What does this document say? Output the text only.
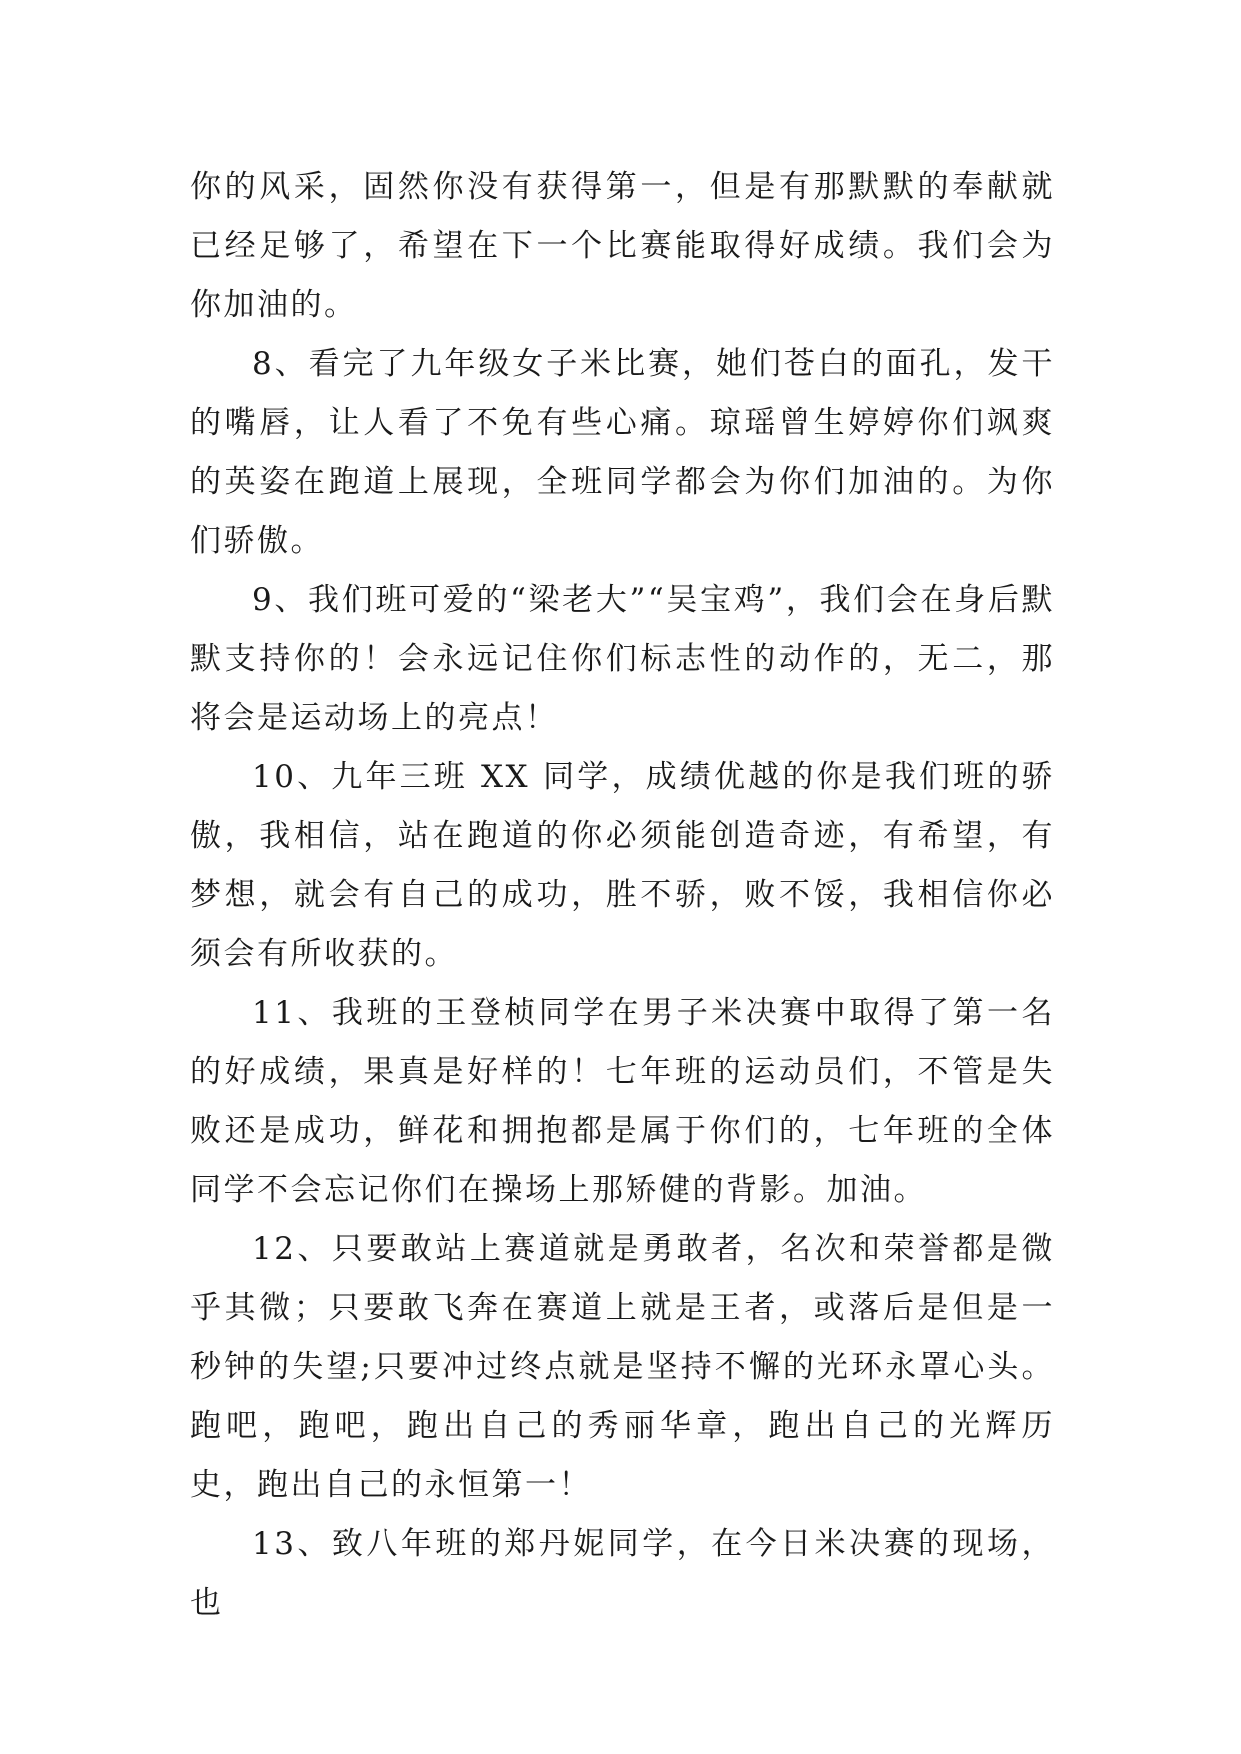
你的风采，固然你没有获得第一，但是有那默默的奉献就已经足够了，希望在下一个比赛能取得好成绩。我们会为你加油的。

8、看完了九年级女子米比赛，她们苍白的面孔，发干的嘴唇，让人看了不免有些心痛。琼瑶曾生婷婷你们飒爽的英姿在跑道上展现，全班同学都会为你们加油的。为你们骄傲。

9、我们班可爱的“梁老大”“吴宝鸡”，我们会在身后默默支持你的！会永远记住你们标志性的动作的，无二，那将会是运动场上的亮点！

10、九年三班 XX 同学，成绩优越的你是我们班的骄傲，我相信，站在跑道的你必须能创造奇迹，有希望，有梦想，就会有自己的成功，胜不骄，败不馁，我相信你必须会有所收获的。

11、我班的王登桢同学在男子米决赛中取得了第一名的好成绩，果真是好样的！七年班的运动员们，不管是失败还是成功，鲜花和拥抱都是属于你们的，七年班的全体同学不会忘记你们在操场上那矫健的背影。加油。

12、只要敢站上赛道就是勇敢者，名次和荣誉都是微乎其微；只要敢飞奔在赛道上就是王者，或落后是但是一秒钟的失望;只要冲过终点就是坚持不懈的光环永罩心头。跑吧，跑吧，跑出自己的秀丽华章，跑出自己的光辉历史，跑出自己的永恒第一！

13、致八年班的郑丹妮同学，在今日米决赛的现场，也
